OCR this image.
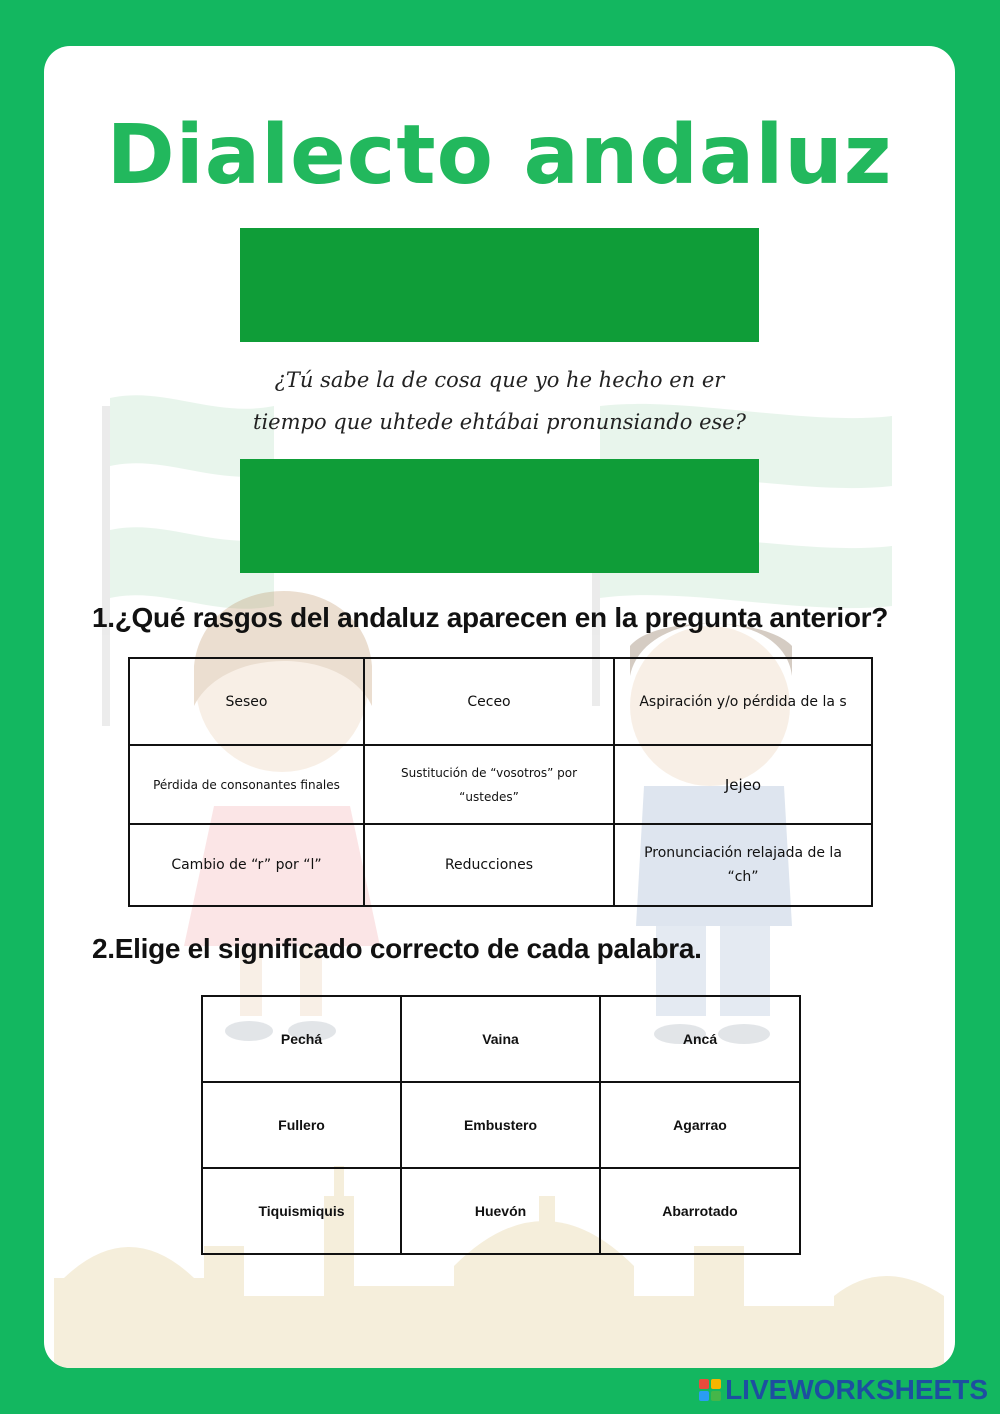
Dialecto andaluz
¿Tú sabe la de cosa que yo he hecho en er
tiempo que uhtede ehtábai pronunsiando ese?
1.¿Qué rasgos del andaluz aparecen en la pregunta anterior?
Seseo	Ceceo	Aspiración y/o pérdida de la s
Pérdida de consonantes finales	Sustitución de “vosotros” por “ustedes”	Jejeo
Cambio de “r” por “l”	Reducciones	Pronunciación relajada de la “ch”
2.Elige el significado correcto de cada palabra.
Pechá	Vaina	Ancá
Fullero	Embustero	Agarrao
Tiquismiquis	Huevón	Abarrotado
LIVEWORKSHEETS
